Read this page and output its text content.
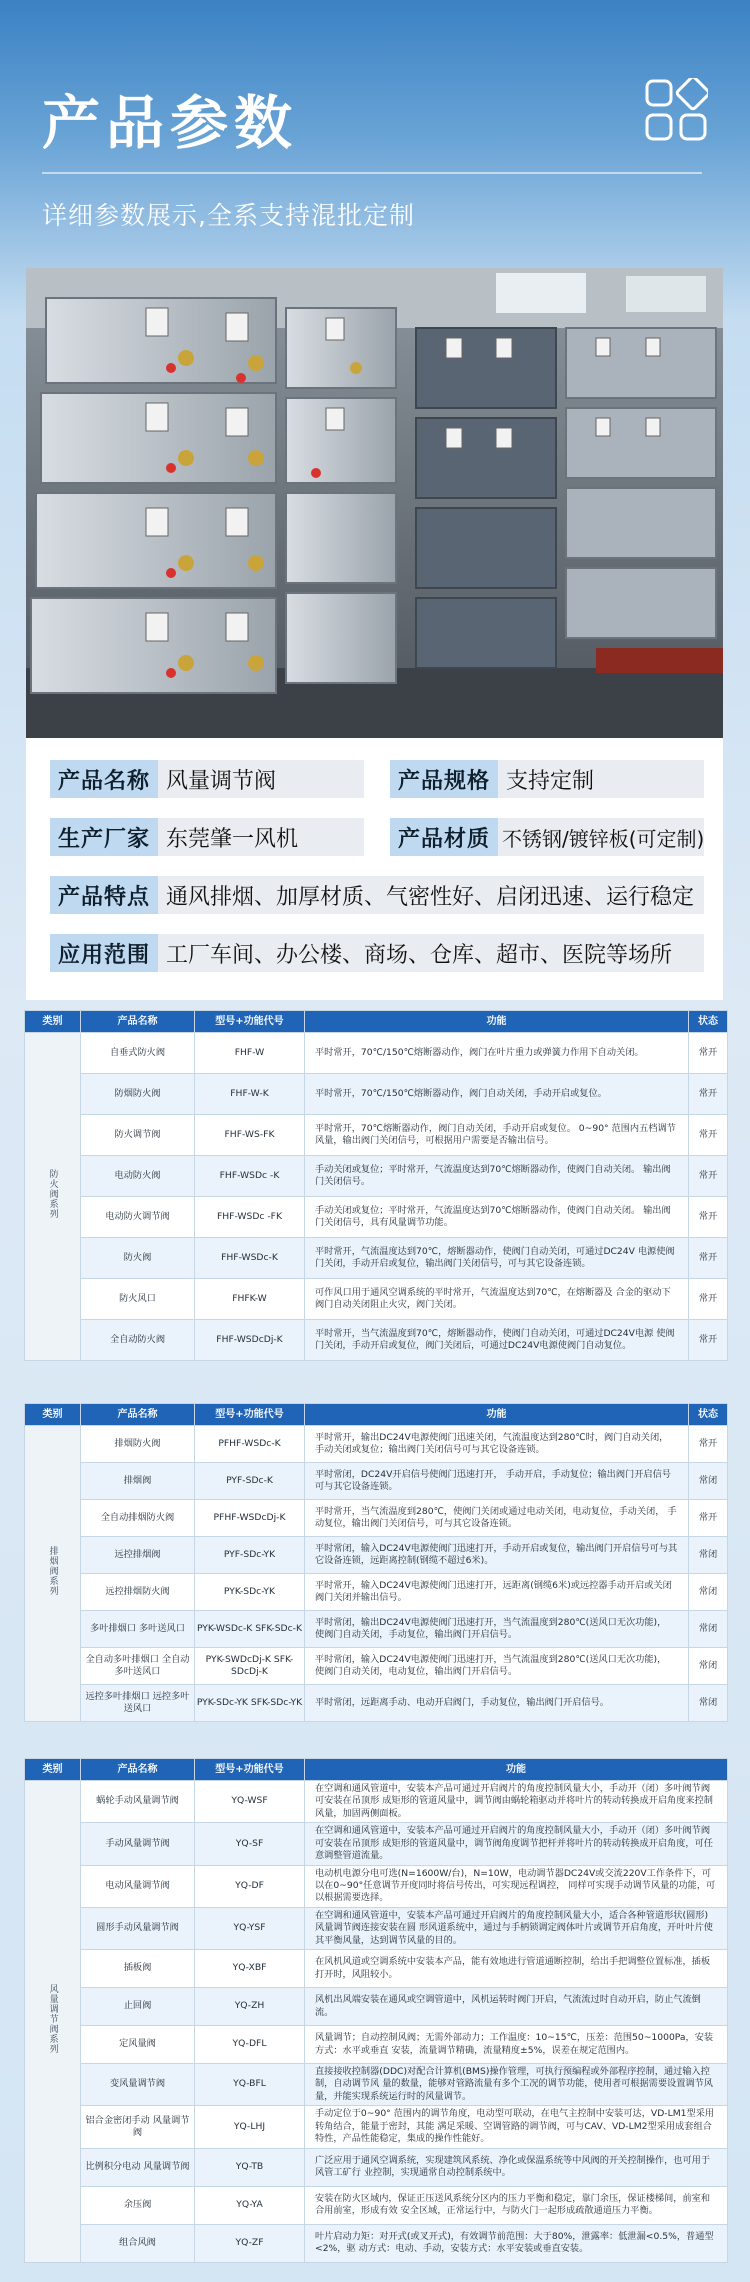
产品参数
详细参数展示,全系支持混批定制
产品名称 风量调节阀	产品规格 支持定制
生产厂家 东莞肇一风机	产品材质 不锈钢/镀锌板(可定制)
产品特点 通风排烟、加厚材质、气密性好、启闭迅速、运行稳定
应用范围 工厂车间、办公楼、商场、仓库、超市、医院等场所
类别	产品名称	型号+功能代号	功能	状态
防火阀系列	自垂式防火阀	FHF-W	平时常开，70℃/150℃熔断器动作，阀门在叶片重力或弹簧力作用下自动关闭。	常开
	防烟防火阀	FHF-W-K	平时常开，70℃/150℃熔断器动作，阀门自动关闭，手动开启或复位。	常开
	防火调节阀	FHF-WS-FK	平时常开，70℃熔断器动作，阀门自动关闭，手动开启或复位。 0~90° 范围内五档调节风量，输出阀门关闭信号，可根据用户需要是否输出信号。	常开
	电动防火阀	FHF-WSDc -K	手动关闭或复位；平时常开，气流温度达到70℃熔断器动作，使阀门自动关闭。 输出阀门关闭信号。	常开
	电动防火调节阀	FHF-WSDc -FK	手动关闭或复位；平时常开，气流温度达到70℃熔断器动作，使阀门自动关闭。 输出阀门关闭信号，具有风量调节功能。	常开
	防火阀	FHF-WSDc-K	平时常开，气流温度达到70℃，熔断器动作，使阀门自动关闭，可通过DC24V 电源使阀门关闭，手动开启或复位，输出阀门关闭信号，可与其它设备连锁。	常开
	防火风口	FHFK-W	可作风口用于通风空调系统的平时常开，气流温度达到70℃，在熔断器及 合金的驱动下阀门自动关闭阻止火灾，阀门关闭。	常开
	全自动防火阀	FHF-WSDcDj-K	平时常开，当气流温度到70℃，熔断器动作，使阀门自动关闭，可通过DC24V电源 使阀门关闭，手动开启或复位，阀门关闭后，可通过DC24V电源使阀门自动复位。	常开
类别	产品名称	型号+功能代号	功能	状态
排烟阀系列	排烟防火阀	PFHF-WSDc-K	平时常开，输出DC24V电源使阀门迅速关闭，气流温度达到280℃时，阀门自动关闭， 手动关闭或复位；输出阀门关闭信号可与其它设备连锁。	常开
	排烟阀	PYF-SDc-K	平时常闭，DC24V开启信号使阀门迅速打开， 手动开启，手动复位；输出阀门开启信号可与其它设备连锁。	常闭
	全自动排烟防火阀	PFHF-WSDcDj-K	平时常开，当气流温度到280℃，使阀门关闭或通过电动关闭，电动复位，手动关闭， 手动复位，输出阀门关闭信号，可与其它设备连锁。	常开
	远控排烟阀	PYF-SDc-YK	平时常闭，输入DC24V电源使阀门迅速打开，手动开启或复位，输出阀门开启信号可与其 它设备连锁，远距离控制(钢缆不超过6米)。	常闭
	远控排烟防火阀	PYK-SDc-YK	平时常开，输入DC24V电源使阀门迅速打开，远距离(钢缆6米)或远控器手动开启或关闭 阀门关闭并输出信号。	常闭
	多叶排烟口 多叶送风口	PYK-WSDc-K SFK-SDc-K	平时常闭，输出DC24V电源使阀门迅速打开，当气流温度到280℃(送风口无次功能)， 使阀门自动关闭，手动复位，输出阀门开启信号。	常闭
	全自动多叶排烟口 全自动多叶送风口	PYK-SWDcDj-K SFK-SDcDj-K	平时常闭，输入DC24V电源使阀门迅速打开，当气流温度到280℃(送风口无次功能)， 使阀门自动关闭，电动复位，输出阀门开启信号。	常闭
	远控多叶排烟口 远控多叶送风口	PYK-SDc-YK SFK-SDc-YK	平时常闭，远距离手动、电动开启阀门，手动复位，输出阀门开启信号。	常闭
类别	产品名称	型号+功能代号	功能
风量调节阀系列	蜗轮手动风量调节阀	YQ-WSF	在空调和通风管道中，安装本产品可通过开启阀片的角度控制风量大小，手动开（闭）多叶阀节阀可安装在吊顶形 成矩形的管道风量中，调节阀由蜗轮箱驱动并将叶片的转动转换成开启角度来控制风量，加固两侧面板。
	手动风量调节阀	YQ-SF	在空调和通风管道中，安装本产品可通过开启阀片的角度控制风量大小，手动开（闭）多叶阀节阀可安装在吊顶形 成矩形的管道风量中，调节阀角度调节把杆并将叶片的转动转换成开启角度，可任意调整管道流量。
	电动风量调节阀	YQ-DF	电动机电源分电可选(N=1600W/台)，N=10W，电动调节器DC24V或交流220V工作条件下，可以在0~90°任意调节开度同时将信号传出，可实现远程调控， 同样可实现手动调节风量的功能，可以根据需要选择。
	圆形手动风量调节阀	YQ-YSF	在空调和通风管道中，安装本产品可通过开启阀片的角度控制风量大小，适合各种管道形状(圆形)风量调节阀连接安装在圆 形风道系统中，通过与手柄锁调定阀体叶片或调节开启角度，开叶叶片使其平衡风量，达到调节风量的目的。
	插板阀	YQ-XBF	在风机风道或空调系统中安装本产品，能有效地进行管道通断控制，给出手把调整位置标准，插板 打开时，风阻较小。
	止回阀	YQ-ZH	风机出风端安装在通风或空调管道中，风机运转时阀门开启，气流流过时自动开启，防止气流倒流。
	定风量阀	YQ-DFL	风量调节；自动控制风阀；无需外部动力；工作温度：10~15℃，压差：范围50~1000Pa，安装方式：水平或垂直 安装，流量调节精确，流量精度±5%，误差在规定范围内。
	变风量调节阀	YQ-BFL	直接接收控制器(DDC)对配合计算机(BMS)操作管理，可执行预编程或外部程序控制，通过输入控制，自动调节风 量的数量，能够对管路流量有多个工况的调节功能，使用者可根据需要设置调节风量，并能实现系统运行时的风量调节。
	铝合金密闭手动 风量调节阀	YQ-LHJ	手动定位于0~90° 范围内的调节角度，电动型可联动，在电气主控制中安装可达，VD-LM1型采用转角结合，能量于密封，其能 满足采暖、空调管路的调节阀，可与CAV、VD-LM2型采用成套组合特性，产品性能稳定，集成的操作性能好。
	比例积分电动 风量调节阀	YQ-TB	广泛应用于通风空调系统，实现建筑风系统、净化或保温系统等中风阀的开关控制操作，也可用于风管工矿行 业控制，实现通常自动控制系统中。
	余压阀	YQ-YA	安装在防火区域内，保证正压送风系统分区内的压力平衡和稳定，靠门余压，保证楼梯间，前室和合用前室，形成有效 安全区域，正常运行中，与防火门一起形成疏散通道压力平衡。
	组合风阀	YQ-ZF	叶片启动力矩：对开式(或叉开式)，有效调节前范围：大于80%，泄露率：低泄漏<0.5%，普通型<2%，驱 动方式：电动、手动，安装方式：水平安装或垂直安装。
